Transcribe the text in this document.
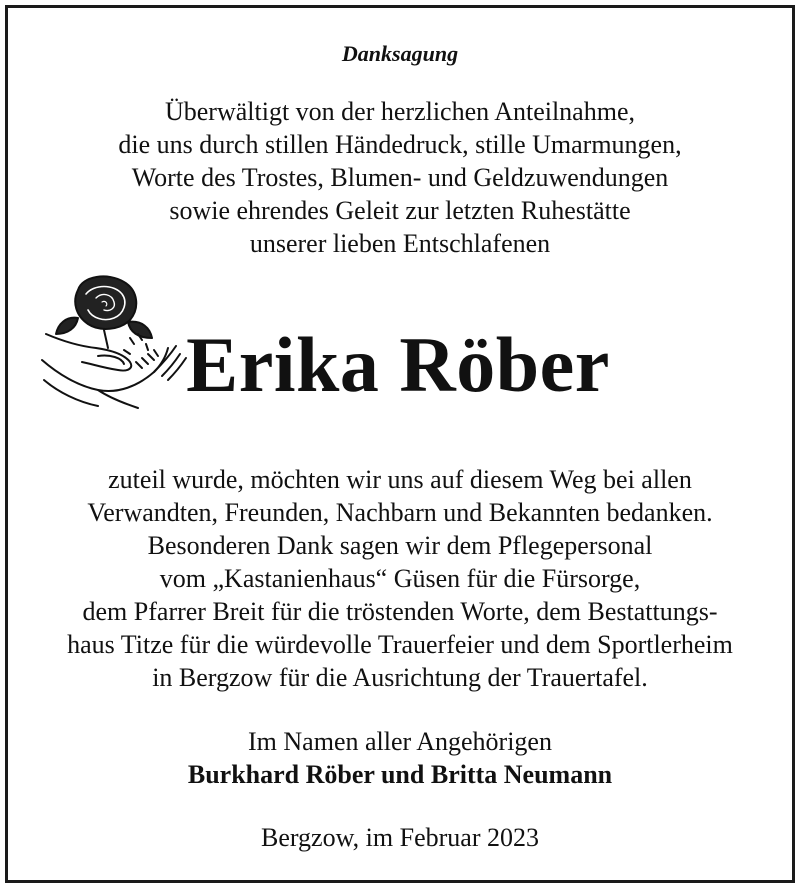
Danksagung
Überwältigt von der herzlichen Anteilnahme,
die uns durch stillen Händedruck, stille Umarmungen,
Worte des Trostes, Blumen- und Geldzuwendungen
sowie ehrendes Geleit zur letzten Ruhestätte
unserer lieben Entschlafenen
Erika Röber
zuteil wurde, möchten wir uns auf diesem Weg bei allen
Verwandten, Freunden, Nachbarn und Bekannten bedanken.
Besonderen Dank sagen wir dem Pflegepersonal
vom „Kastanienhaus“ Güsen für die Fürsorge,
dem Pfarrer Breit für die tröstenden Worte, dem Bestattungs-
haus Titze für die würdevolle Trauerfeier und dem Sportlerheim
in Bergzow für die Ausrichtung der Trauertafel.
Im Namen aller Angehörigen
Burkhard Röber und Britta Neumann
Bergzow, im Februar 2023
